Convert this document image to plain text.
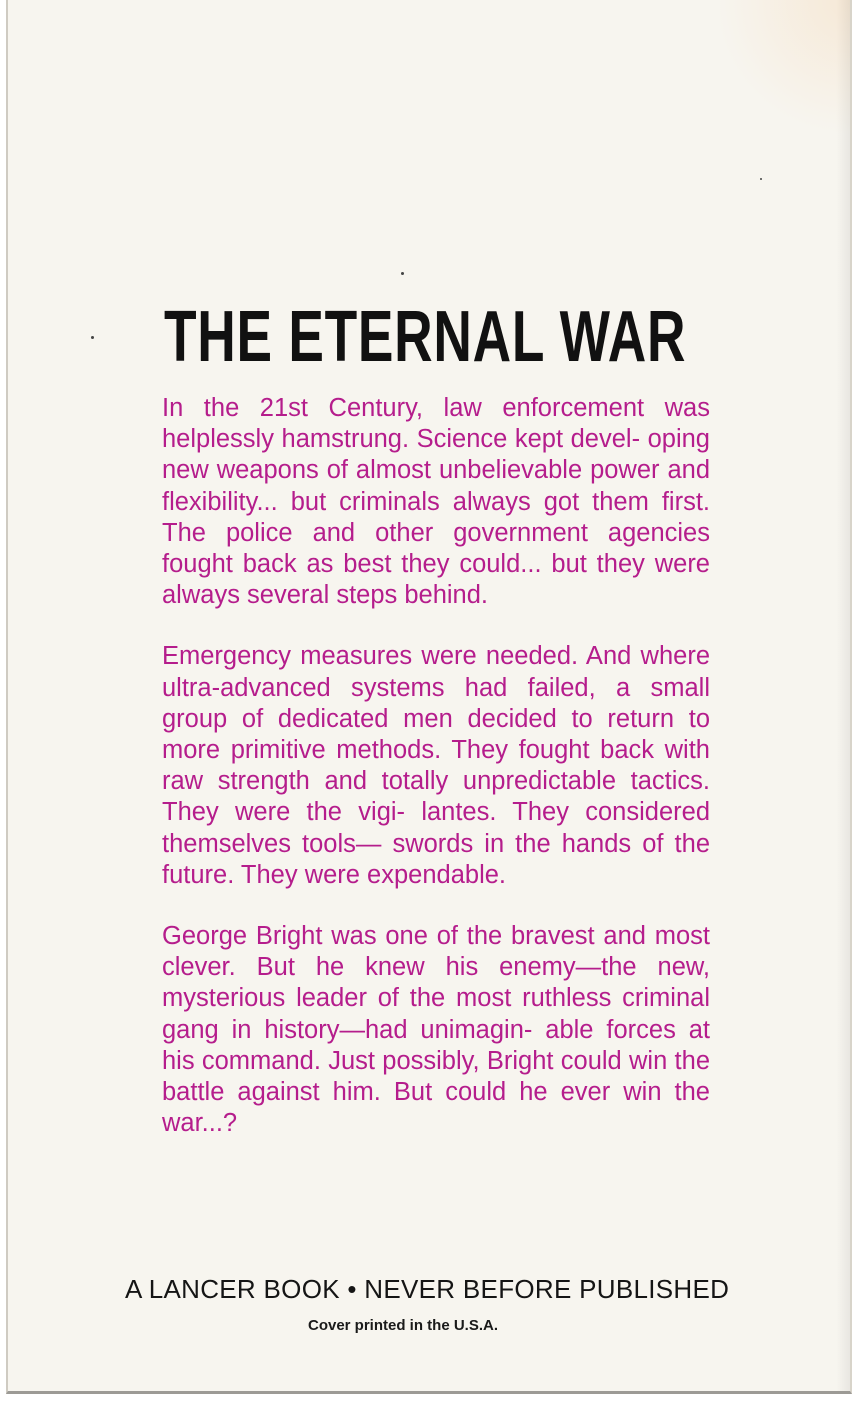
THE ETERNAL WAR

In the 21st Century, law enforcement was helplessly hamstrung. Science kept devel- oping new weapons of almost unbelievable power and flexibility... but criminals always got them first. The police and other government agencies fought back as best they could... but they were always several steps behind.

Emergency measures were needed. And where ultra-advanced systems had failed, a small group of dedicated men decided to return to more primitive methods. They fought back with raw strength and totally unpredictable tactics. They were the vigi- lantes. They considered themselves tools— swords in the hands of the future. They were expendable.

George Bright was one of the bravest and most clever. But he knew his enemy—the new, mysterious leader of the most ruthless criminal gang in history—had unimagin- able forces at his command. Just possibly, Bright could win the battle against him. But could he ever win the war...?

A LANCER BOOK • NEVER BEFORE PUBLISHED

Cover printed in the U.S.A.
